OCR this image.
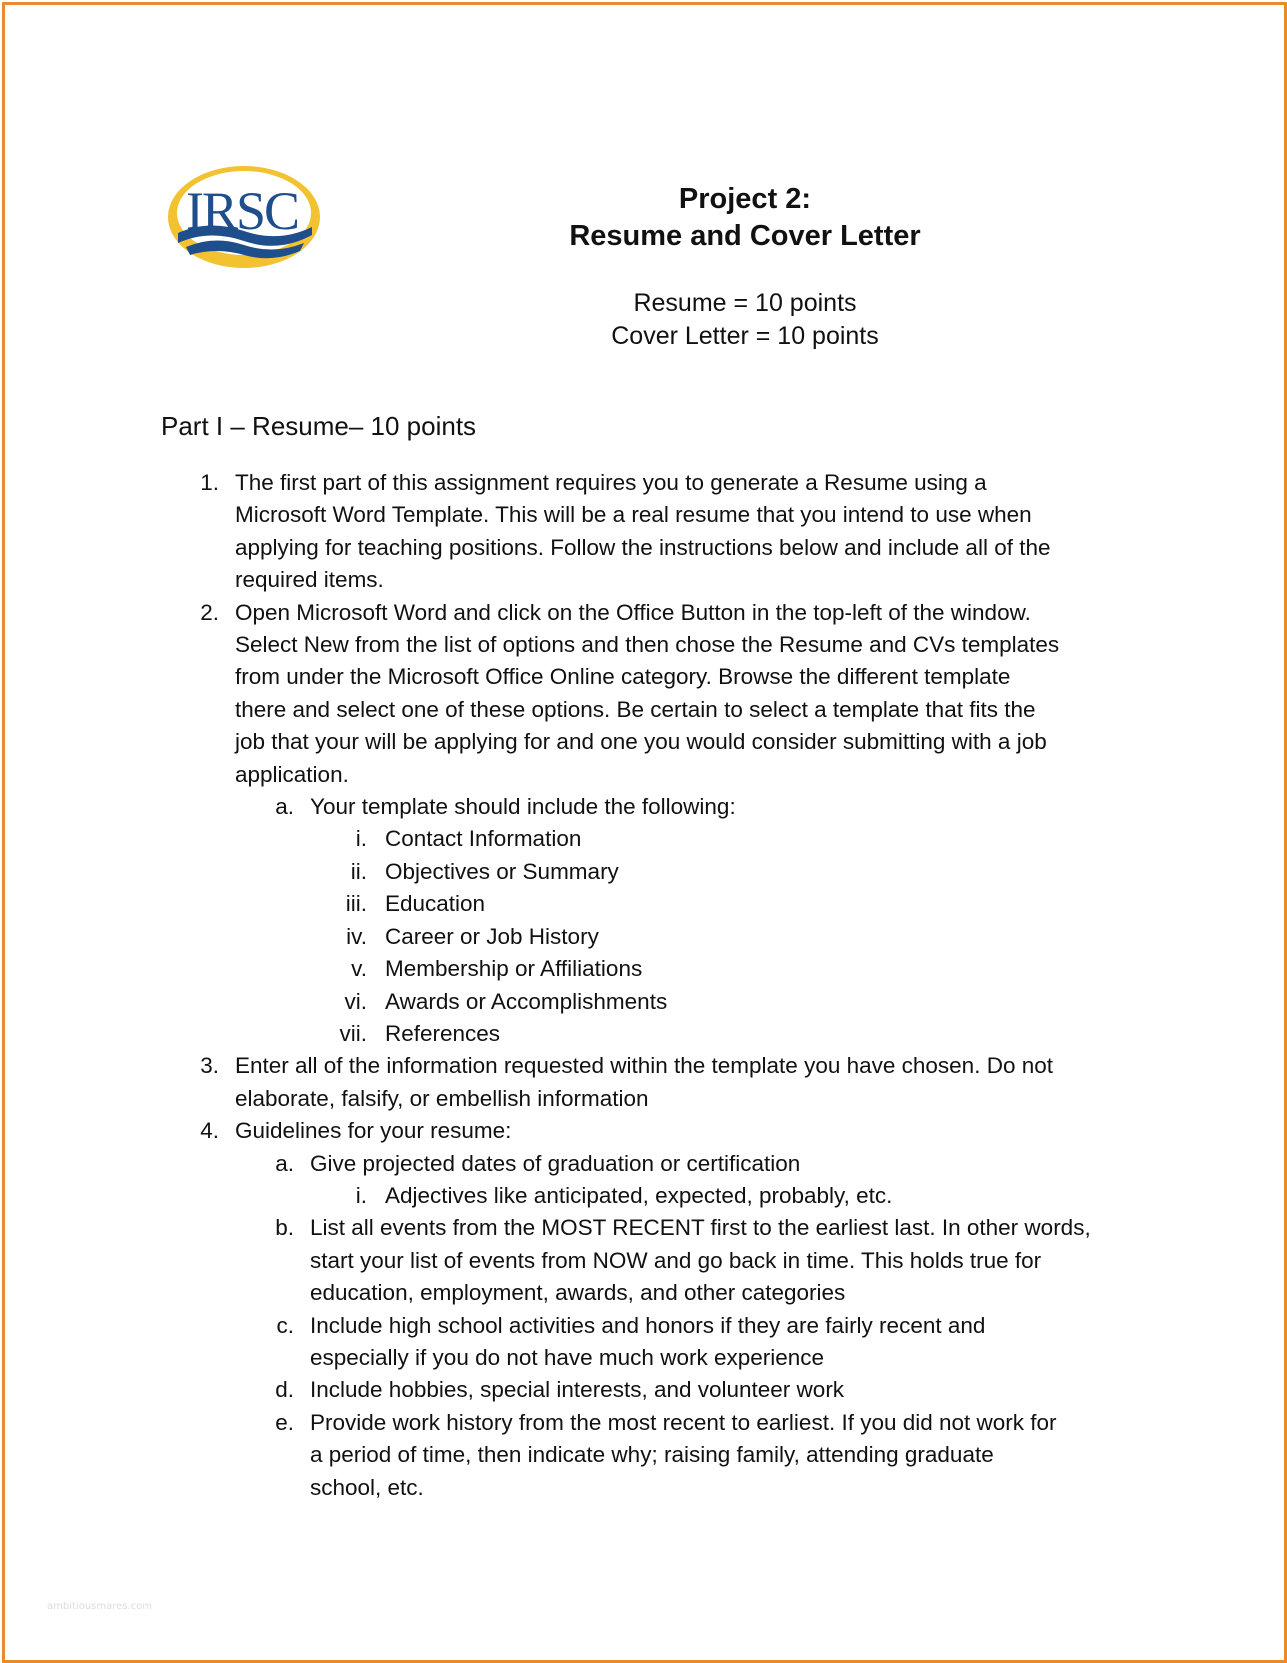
IRSC	Project 2:
Resume and Cover Letter
Resume = 10 points
Cover Letter = 10 points
Part I – Resume– 10 points
1. The first part of this assignment requires you to generate a Resume using a
Microsoft Word Template. This will be a real resume that you intend to use when
applying for teaching positions. Follow the instructions below and include all of the
required items.
2. Open Microsoft Word and click on the Office Button in the top-left of the window.
Select New from the list of options and then chose the Resume and CVs templates
from under the Microsoft Office Online category. Browse the different template
there and select one of these options. Be certain to select a template that fits the
job that your will be applying for and one you would consider submitting with a job
application.
a. Your template should include the following:
i. Contact Information
ii. Objectives or Summary
iii. Education
iv. Career or Job History
v. Membership or Affiliations
vi. Awards or Accomplishments
vii. References
3. Enter all of the information requested within the template you have chosen. Do not
elaborate, falsify, or embellish information
4. Guidelines for your resume:
a. Give projected dates of graduation or certification
i. Adjectives like anticipated, expected, probably, etc.
b. List all events from the MOST RECENT first to the earliest last. In other words,
start your list of events from NOW and go back in time. This holds true for
education, employment, awards, and other categories
c. Include high school activities and honors if they are fairly recent and
especially if you do not have much work experience
d. Include hobbies, special interests, and volunteer work
e. Provide work history from the most recent to earliest. If you did not work for
a period of time, then indicate why; raising family, attending graduate
school, etc.
ambitiousmares.com
